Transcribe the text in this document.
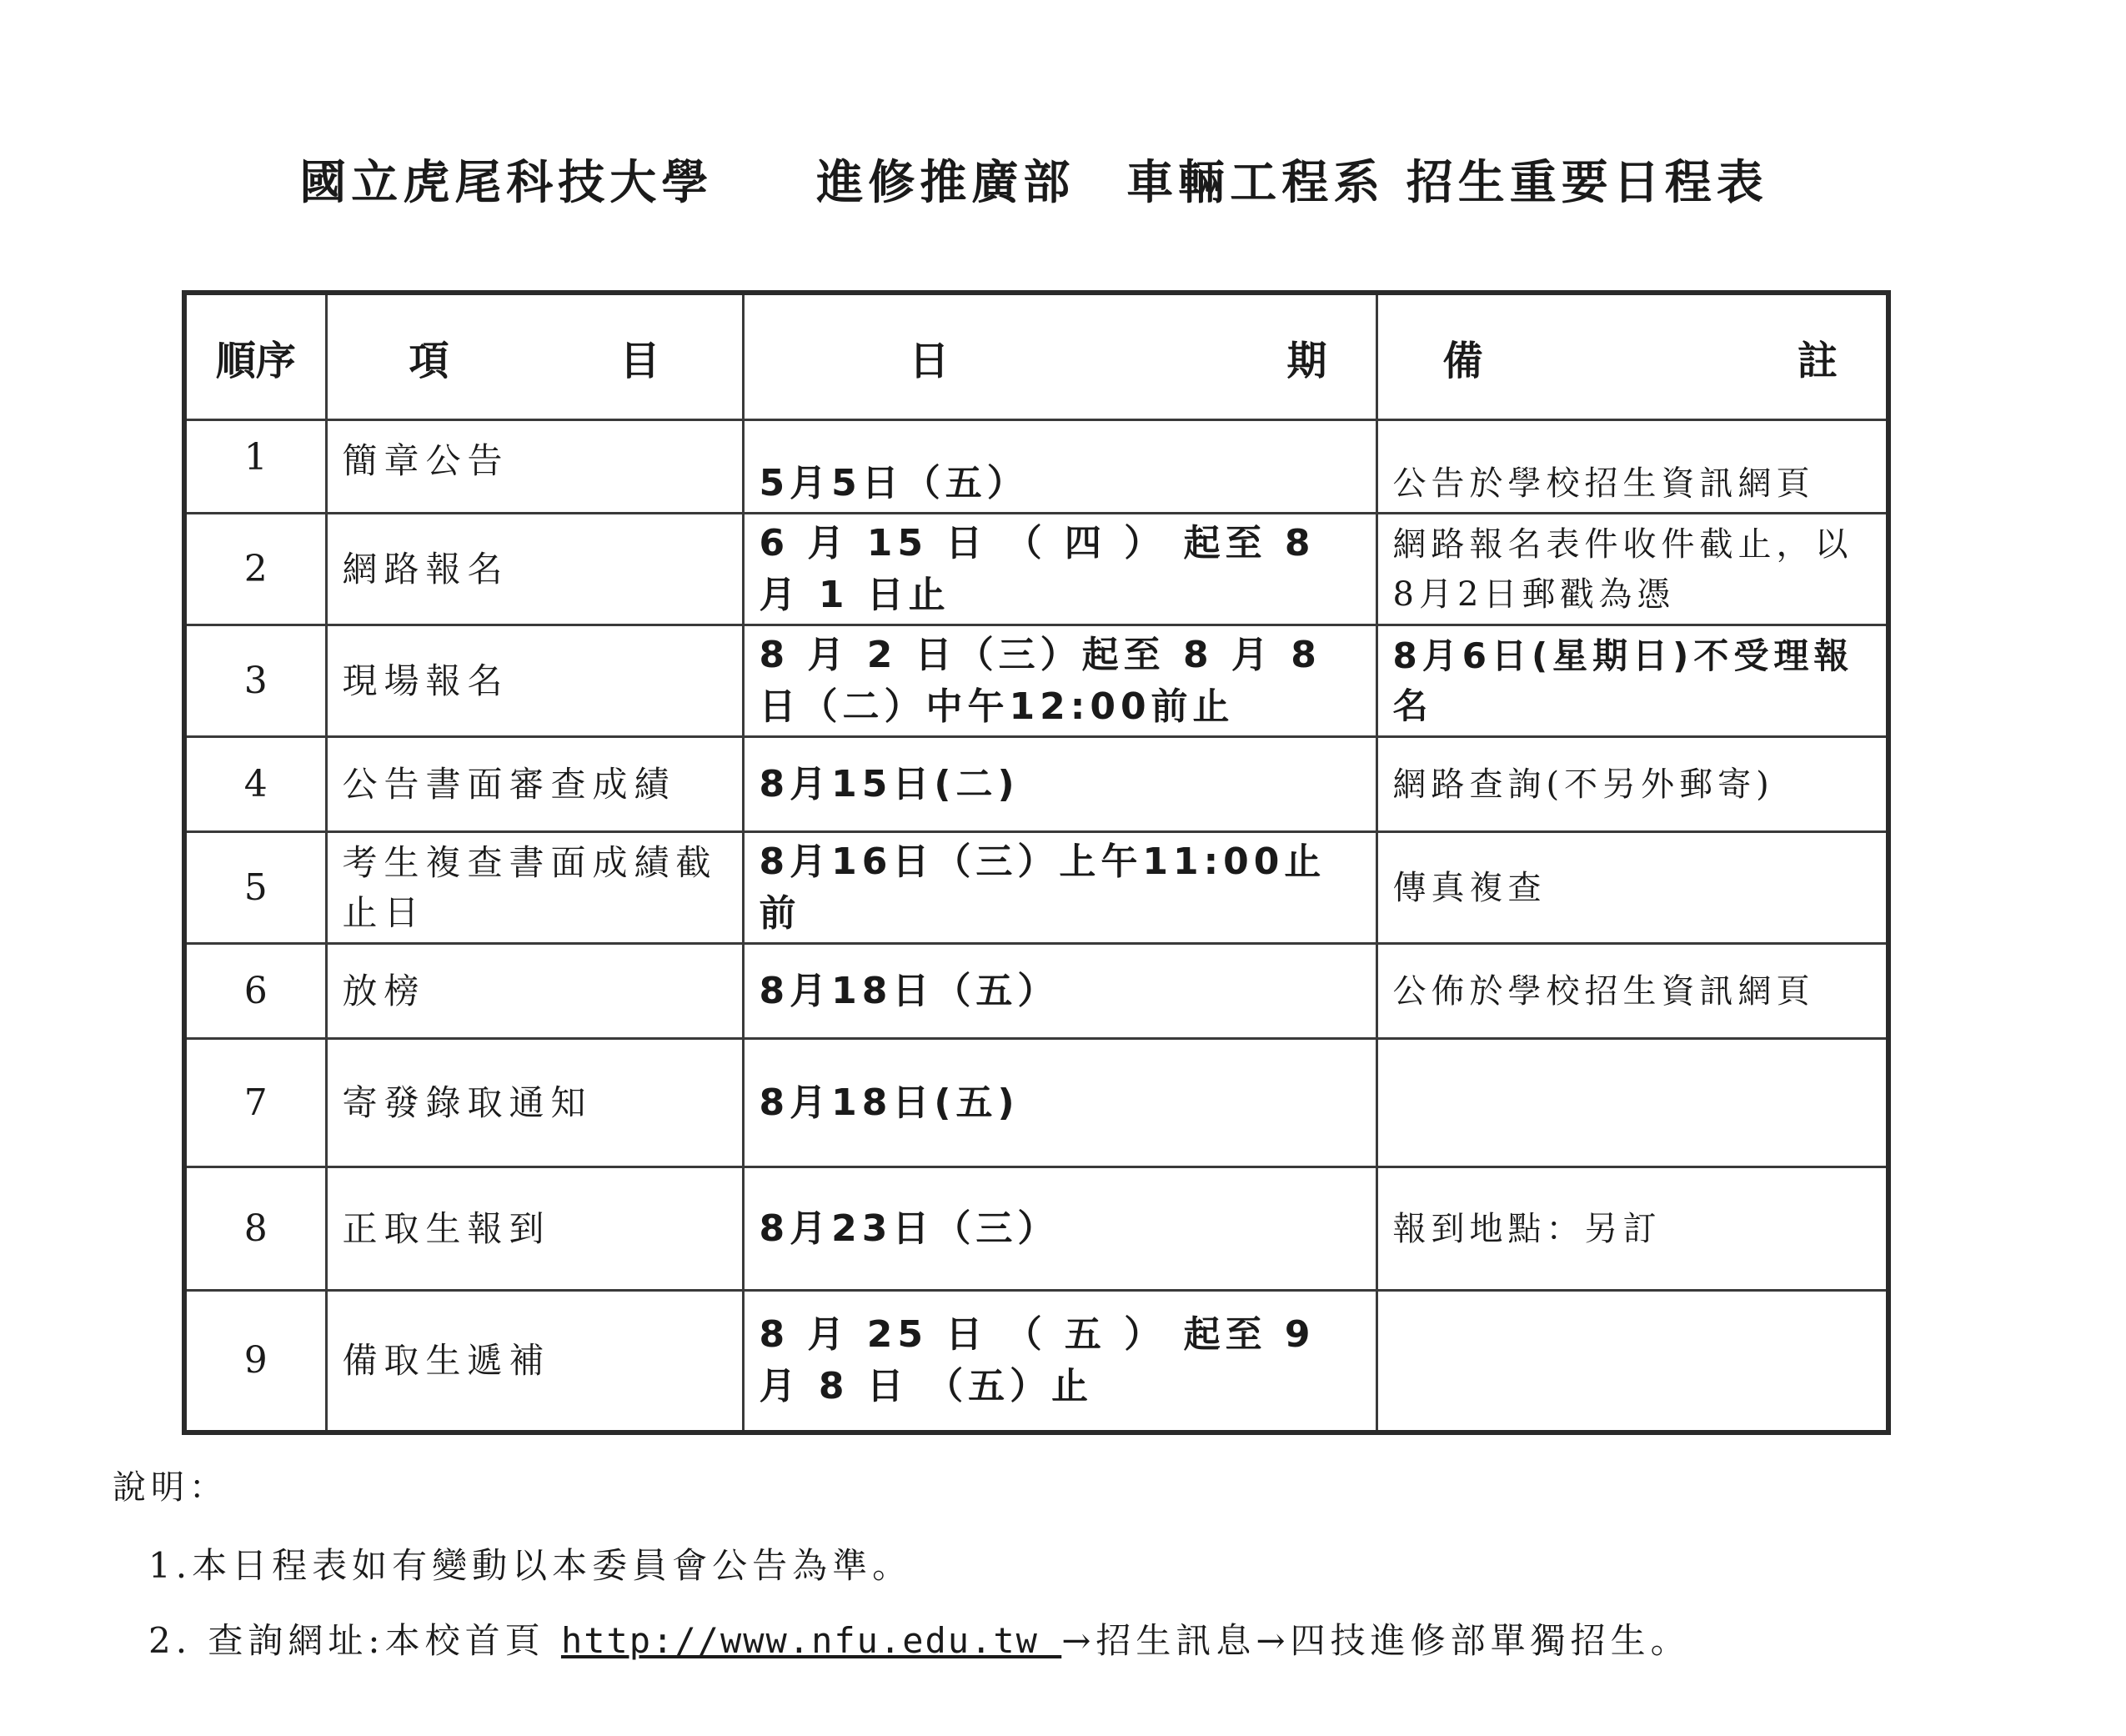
國立虎尾科技大學　　進修推廣部　車輛工程系 招生重要日程表
順序	項 目	日 期	備 註

1	簡章公告	5月5日（五）	公告於學校招生資訊網頁
2	網路報名	6 月 15 日 （ 四 ） 起至 8 月 1 日止	網路報名表件收件截止，以8月2日郵戳為憑
3	現場報名	8 月 2 日（三）起至 8 月 8 日（二）中午12:00前止	8月6日(星期日)不受理報名
4	公告書面審查成績	8月15日(二)	網路查詢(不另外郵寄)
5	考生複查書面成績截止日	8月16日（三）上午11:00止前	傳真複查
6	放榜	8月18日（五）	公佈於學校招生資訊網頁
7	寄發錄取通知	8月18日(五)	
8	正取生報到	8月23日（三）	報到地點：另訂
9	備取生遞補	8 月 25 日 （ 五 ） 起至 9 月 8 日 （五）止	
說明：
1.本日程表如有變動以本委員會公告為準。
2. 查詢網址:本校首頁 http://www.nfu.edu.tw →招生訊息→四技進修部單獨招生。
